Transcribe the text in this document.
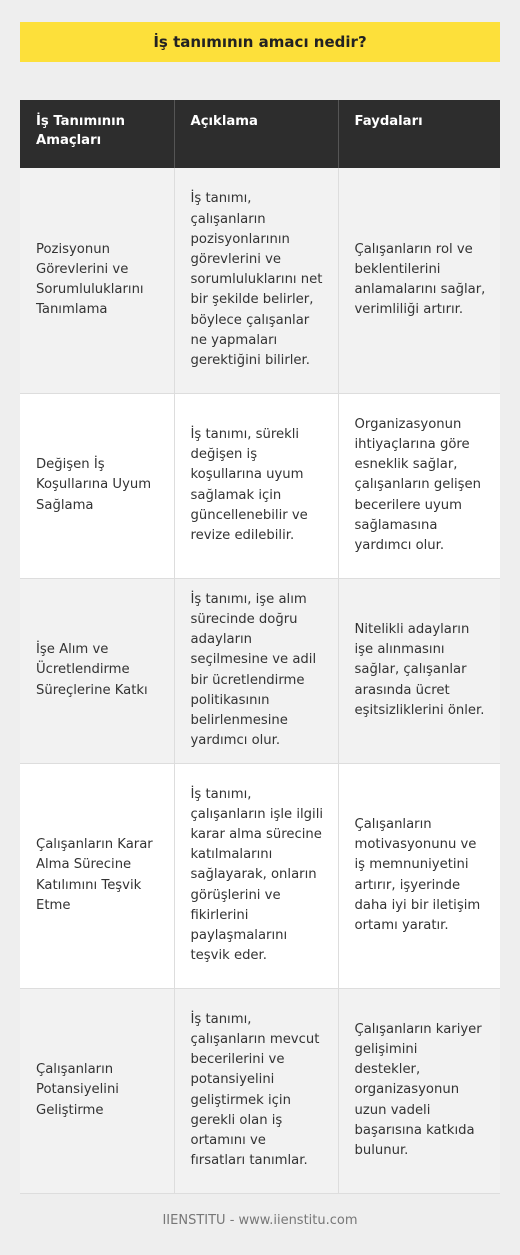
İş tanımının amacı nedir?
İş Tanımının Amaçları	Açıklama	Faydaları
Pozisyonun Görevlerini ve Sorumluluklarını Tanımlama	İş tanımı, çalışanların pozisyonlarının görevlerini ve sorumluluklarını net bir şekilde belirler, böylece çalışanlar ne yapmaları gerektiğini bilirler.	Çalışanların rol ve beklentilerini anlamalarını sağlar, verimliliği artırır.
Değişen İş Koşullarına Uyum Sağlama	İş tanımı, sürekli değişen iş koşullarına uyum sağlamak için güncellenebilir ve revize edilebilir.	Organizasyonun ihtiyaçlarına göre esneklik sağlar, çalışanların gelişen becerilere uyum sağlamasına yardımcı olur.
İşe Alım ve Ücretlendirme Süreçlerine Katkı	İş tanımı, işe alım sürecinde doğru adayların seçilmesine ve adil bir ücretlendirme politikasının belirlenmesine yardımcı olur.	Nitelikli adayların işe alınmasını sağlar, çalışanlar arasında ücret eşitsizliklerini önler.
Çalışanların Karar Alma Sürecine Katılımını Teşvik Etme	İş tanımı, çalışanların işle ilgili karar alma sürecine katılmalarını sağlayarak, onların görüşlerini ve fikirlerini paylaşmalarını teşvik eder.	Çalışanların motivasyonunu ve iş memnuniyetini artırır, işyerinde daha iyi bir iletişim ortamı yaratır.
Çalışanların Potansiyelini Geliştirme	İş tanımı, çalışanların mevcut becerilerini ve potansiyelini geliştirmek için gerekli olan iş ortamını ve fırsatları tanımlar.	Çalışanların kariyer gelişimini destekler, organizasyonun uzun vadeli başarısına katkıda bulunur.
IIENSTITU - www.iienstitu.com
